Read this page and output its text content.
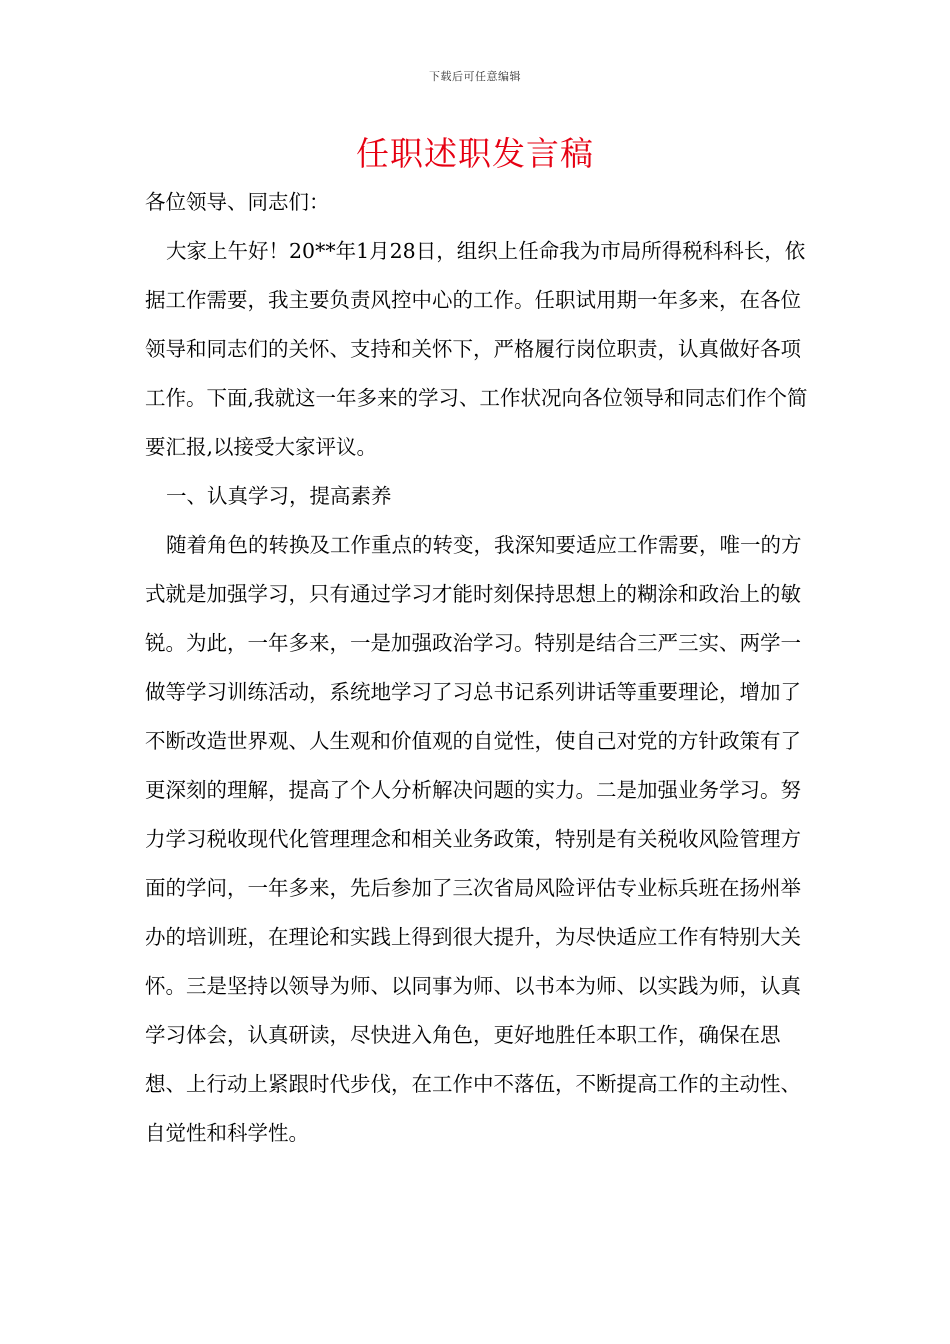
下载后可任意编辑
任职述职发言稿

各位领导、同志们：

大家上午好！20**年1月28日，组织上任命我为市局所得税科科长，依据工作需要，我主要负责风控中心的工作。任职试用期一年多来，在各位领导和同志们的关怀、支持和关怀下，严格履行岗位职责，认真做好各项工作。下面,我就这一年多来的学习、工作状况向各位领导和同志们作个简要汇报,以接受大家评议。

一、认真学习，提高素养

随着角色的转换及工作重点的转变，我深知要适应工作需要，唯一的方式就是加强学习，只有通过学习才能时刻保持思想上的糊涂和政治上的敏锐。为此，一年多来，一是加强政治学习。特别是结合三严三实、两学一做等学习训练活动，系统地学习了习总书记系列讲话等重要理论，增加了不断改造世界观、人生观和价值观的自觉性，使自己对党的方针政策有了更深刻的理解，提高了个人分析解决问题的实力。二是加强业务学习。努力学习税收现代化管理理念和相关业务政策，特别是有关税收风险管理方面的学问，一年多来，先后参加了三次省局风险评估专业标兵班在扬州举办的培训班，在理论和实践上得到很大提升，为尽快适应工作有特别大关怀。三是坚持以领导为师、以同事为师、以书本为师、以实践为师，认真学习体会，认真研读，尽快进入角色，更好地胜任本职工作，确保在思想、上行动上紧跟时代步伐，在工作中不落伍，不断提高工作的主动性、自觉性和科学性。
